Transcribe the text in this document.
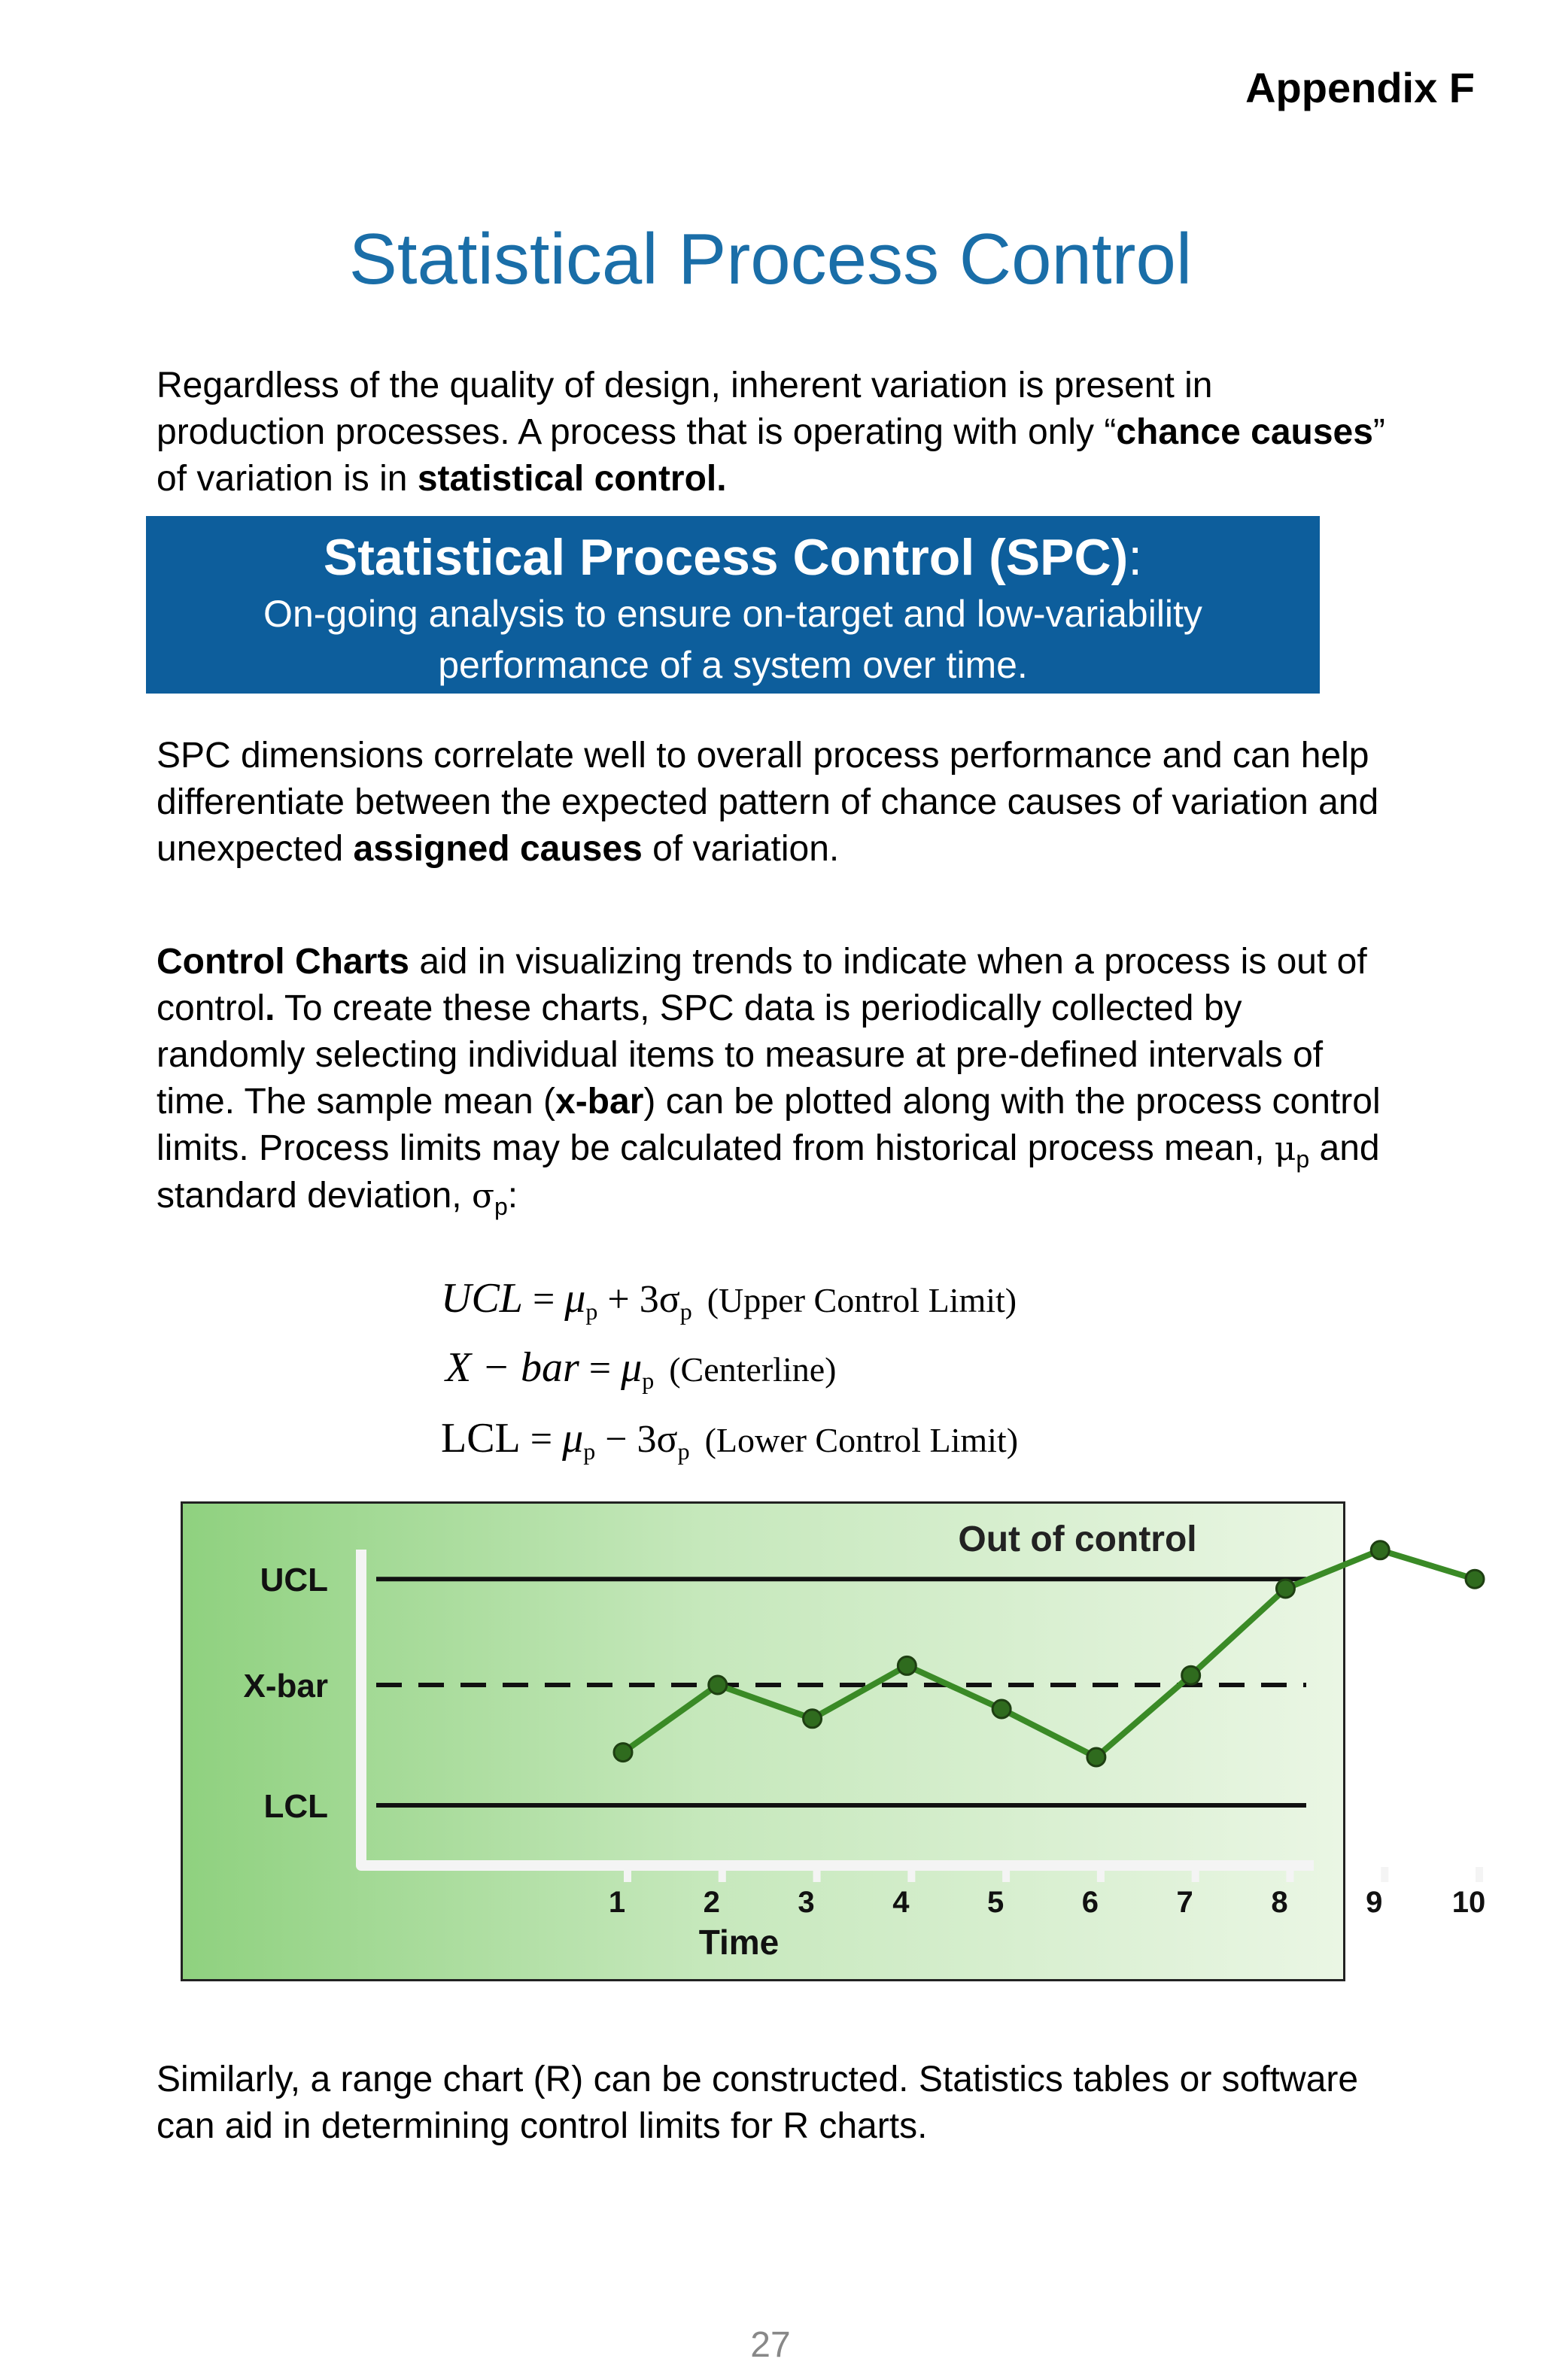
Appendix F
Statistical Process Control
Regardless of the quality of design, inherent variation is present in production processes. A process that is operating with only “chance causes” of variation is in statistical control.
Statistical Process Control (SPC):
On-going analysis to ensure on-target and low-variability
performance of a system over time.
SPC dimensions correlate well to overall process performance and can help differentiate between the expected pattern of chance causes of variation and unexpected assigned causes of variation.
Control Charts aid in visualizing trends to indicate when a process is out of control. To create these charts, SPC data is periodically collected by randomly selecting individual items to measure at pre-defined intervals of time. The sample mean (x-bar) can be plotted along with the process control limits. Process limits may be calculated from historical process mean, $\mu_p$ and standard deviation, $\sigma_p$:
UCL = $\mu_p + 3\sigma_p$ (Upper Control Limit)
X − bar = $\mu_p$ (Centerline)
LCL = $\mu_p - 3\sigma_p$ (Lower Control Limit)
UCL
X-bar
LCL
1	2	3	4	5	6	7	8	9 10
Time
Out of control
Similarly, a range chart (R) can be constructed. Statistics tables or software can aid in determining control limits for R charts.
27
